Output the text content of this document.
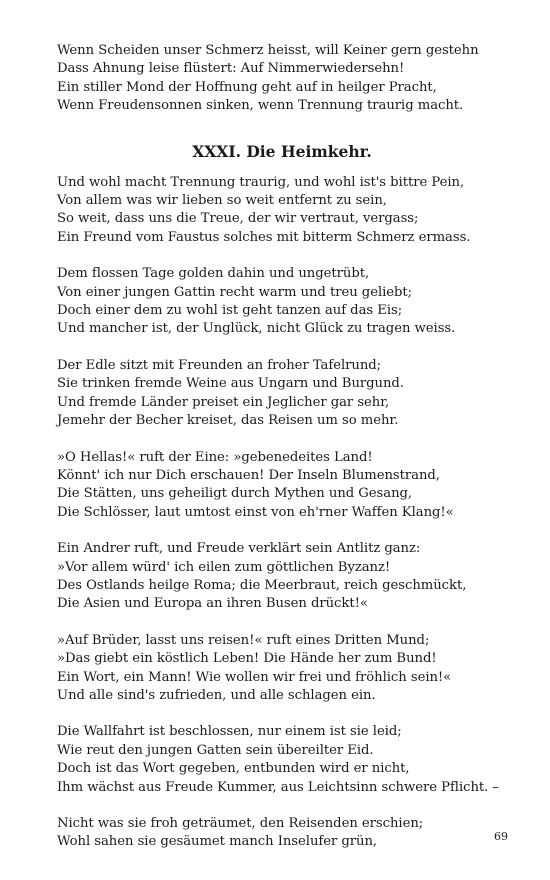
Wenn Scheiden unser Schmerz heisst, will Keiner gern gestehn
Dass Ahnung leise flüstert: Auf Nimmerwiedersehn!
Ein stiller Mond der Hoffnung geht auf in heilger Pracht,
Wenn Freudensonnen sinken, wenn Trennung traurig macht.
XXXI. Die Heimkehr.
Und wohl macht Trennung traurig, und wohl ist's bittre Pein,
Von allem was wir lieben so weit entfernt zu sein,
So weit, dass uns die Treue, der wir vertraut, vergass;
Ein Freund vom Faustus solches mit bitterm Schmerz ermass.
Dem flossen Tage golden dahin und ungetrübt,
Von einer jungen Gattin recht warm und treu geliebt;
Doch einer dem zu wohl ist geht tanzen auf das Eis;
Und mancher ist, der Unglück, nicht Glück zu tragen weiss.
Der Edle sitzt mit Freunden an froher Tafelrund;
Sie trinken fremde Weine aus Ungarn und Burgund.
Und fremde Länder preiset ein Jeglicher gar sehr,
Jemehr der Becher kreiset, das Reisen um so mehr.
»O Hellas!« ruft der Eine: »gebenedeites Land!
Könnt' ich nur Dich erschauen! Der Inseln Blumenstrand,
Die Stätten, uns geheiligt durch Mythen und Gesang,
Die Schlösser, laut umtost einst von eh'rner Waffen Klang!«
Ein Andrer ruft, und Freude verklärt sein Antlitz ganz:
»Vor allem würd' ich eilen zum göttlichen Byzanz!
Des Ostlands heilge Roma; die Meerbraut, reich geschmückt,
Die Asien und Europa an ihren Busen drückt!«
»Auf Brüder, lasst uns reisen!« ruft eines Dritten Mund;
»Das giebt ein köstlich Leben! Die Hände her zum Bund!
Ein Wort, ein Mann! Wie wollen wir frei und fröhlich sein!«
Und alle sind's zufrieden, und alle schlagen ein.
Die Wallfahrt ist beschlossen, nur einem ist sie leid;
Wie reut den jungen Gatten sein übereilter Eid.
Doch ist das Wort gegeben, entbunden wird er nicht,
Ihm wächst aus Freude Kummer, aus Leichtsinn schwere Pflicht. –
Nicht was sie froh geträumet, den Reisenden erschien;
Wohl sahen sie gesäumet manch Inselufer grün,	69
